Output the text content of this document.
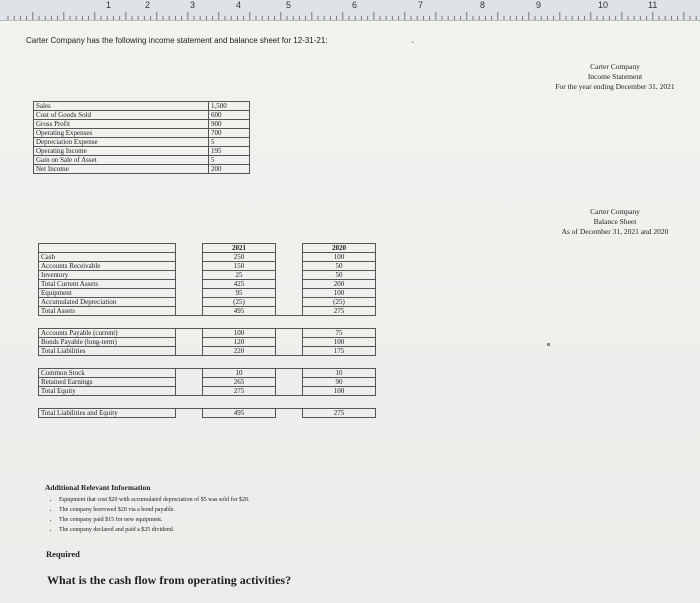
1	2	3	4	5	6	7	8	9	10	11
Carter Company has the following income statement and balance sheet for 12-31-21:	·
Carter Company
Income Statement
For the year ending December 31, 2021
Sales	1,500
Cost of Goods Sold	600
Gross Profit	900
Operating Expenses	700
Depreciation Expense	5
Operating Income	195
Gain on Sale of Asset	5
Net Income	200
Carter Company
Balance Sheet
As of December 31, 2021 and 2020
		2021		2020
Cash		250		100
Accounts Receivable		150		50
Inventory		25		50
Total Current Assets		425		200
Equipment		95		100
Accumulated Depreciation		(25)		(25)
Total Assets		495		275

Accounts Payable (current)		100		75
Bonds Payable (long-term)		120		100
Total Liabilities		220		175

Common Stock		10		10
Retained Earnings		265		90
Total Equity		275		100

Total Liabilities and Equity		495		275
Additional Relevant Information
• Equipment that cost $20 with accumulated depreciation of $5 was sold for $20.
• The company borrowed $20 via a bond payable.
• The company paid $15 for new equipment.
• The company declared and paid a $25 dividend.
Required
What is the cash flow from operating activities?
